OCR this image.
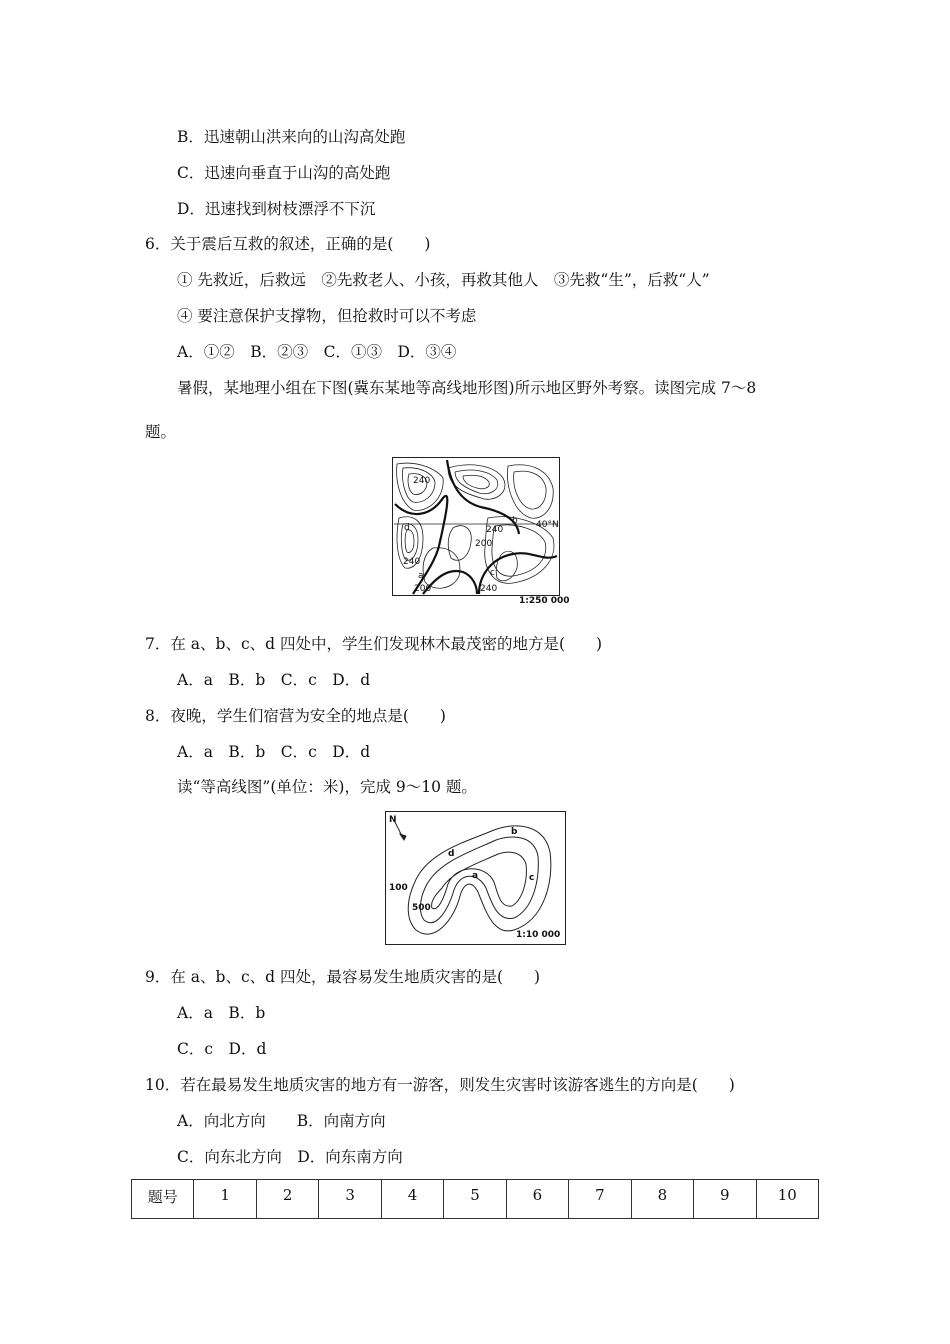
B．迅速朝山洪来向的山沟高处跑
C．迅速向垂直于山沟的高处跑
D．迅速找到树枝漂浮不下沉
6．关于震后互救的叙述，正确的是(　　)
① 先救近，后救远　②先救老人、小孩，再救其他人　③先救“生”，后救“人”
④ 要注意保护支撑物，但抢救时可以不考虑
A．①②　B．②③　C．①③　D．③④
暑假，某地理小组在下图(冀东某地等高线地形图)所示地区野外考察。读图完成 7～8
题。
240
d	240
b 40°N
200
240
a
200
c
240
1:250 000
7．在 a、b、c、d 四处中，学生们发现林木最茂密的地方是(　　)
A．a　B．b　C．c　D．d
8．夜晚，学生们宿营为安全的地点是(　　)
A．a　B．b　C．c　D．d
读“等高线图”(单位：米)，完成 9～10 题。
N
b
d
a	c
100
500
1:10 000
9．在 a、b、c、d 四处，最容易发生地质灾害的是(　　)
A．a　B．b
C．c　D．d
10．若在最易发生地质灾害的地方有一游客，则发生灾害时该游客逃生的方向是(　　)
A．向北方向　　B．向南方向
C．向东北方向　D．向东南方向
题号	1	2	3	4	5	6	7	8	9	10
